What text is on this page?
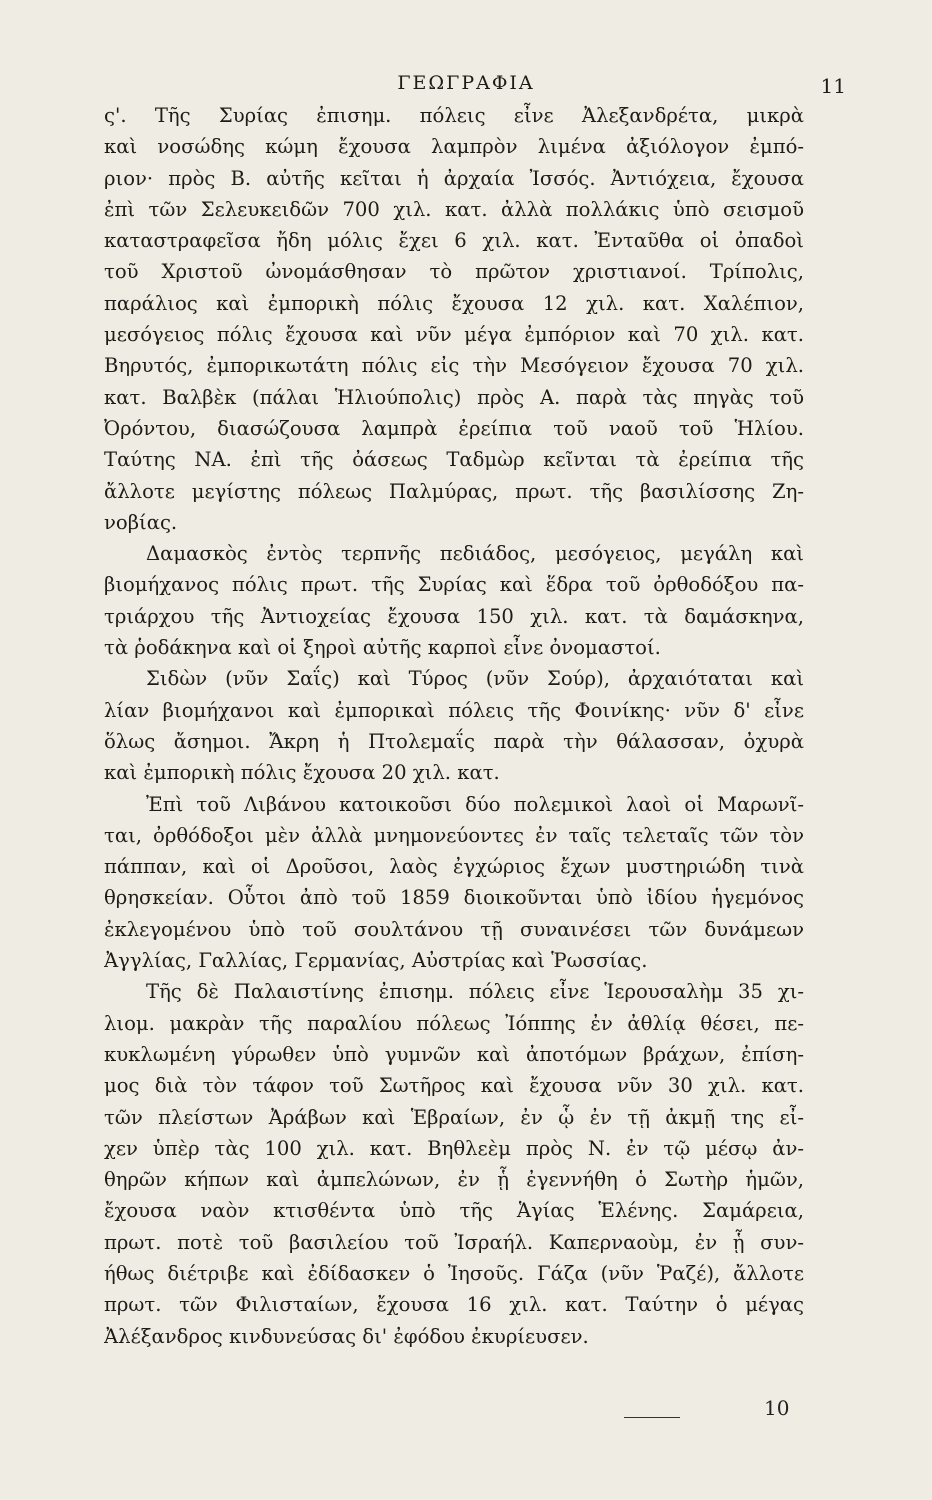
ΓΕΩΓΡΑΦΙΑ	11
ς'. Τῆς Συρίας ἐπισημ. πόλεις εἶνε Ἀλεξανδρέτα, μικρὰ
καὶ νοσώδης κώμη ἔχουσα λαμπρὸν λιμένα ἀξιόλογον ἐμπό-
ριον· πρὸς Β. αὐτῆς κεῖται ἡ ἀρχαία Ἰσσός. Ἀντιόχεια, ἔχουσα
ἐπὶ τῶν Σελευκειδῶν 700 χιλ. κατ. ἀλλὰ πολλάκις ὑπὸ σεισμοῦ
καταστραφεῖσα ἤδη μόλις ἔχει 6 χιλ. κατ. Ἐνταῦθα οἱ ὀπαδοὶ
τοῦ Χριστοῦ ὠνομάσθησαν τὸ πρῶτον χριστιανοί. Τρίπολις,
παράλιος καὶ ἐμπορικὴ πόλις ἔχουσα 12 χιλ. κατ. Χαλέπιον,
μεσόγειος πόλις ἔχουσα καὶ νῦν μέγα ἐμπόριον καὶ 70 χιλ. κατ.
Βηρυτός, ἐμπορικωτάτη πόλις εἰς τὴν Μεσόγειον ἔχουσα 70 χιλ.
κατ. Βαλβὲκ (πάλαι Ἡλιούπολις) πρὸς Α. παρὰ τὰς πηγὰς τοῦ
Ὀρόντου, διασώζουσα λαμπρὰ ἐρείπια τοῦ ναοῦ τοῦ Ἡλίου.
Ταύτης ΝΑ. ἐπὶ τῆς ὀάσεως Ταδμὼρ κεῖνται τὰ ἐρείπια τῆς
ἄλλοτε μεγίστης πόλεως Παλμύρας, πρωτ. τῆς βασιλίσσης Ζη-
νοβίας.
Δαμασκὸς ἐντὸς τερπνῆς πεδιάδος, μεσόγειος, μεγάλη καὶ
βιομήχανος πόλις πρωτ. τῆς Συρίας καὶ ἕδρα τοῦ ὀρθοδόξου πα-
τριάρχου τῆς Ἀντιοχείας ἔχουσα 150 χιλ. κατ. τὰ δαμάσκηνα,
τὰ ῥοδάκηνα καὶ οἱ ξηροὶ αὐτῆς καρποὶ εἶνε ὀνομαστοί.
Σιδὼν (νῦν Σαΐς) καὶ Τύρος (νῦν Σούρ), ἀρχαιόταται καὶ
λίαν βιομήχανοι καὶ ἐμπορικαὶ πόλεις τῆς Φοινίκης· νῦν δ' εἶνε
ὅλως ἄσημοι. Ἄκρη ἡ Πτολεμαΐς παρὰ τὴν θάλασσαν, ὀχυρὰ
καὶ ἐμπορικὴ πόλις ἔχουσα 20 χιλ. κατ.
Ἐπὶ τοῦ Λιβάνου κατοικοῦσι δύο πολεμικοὶ λαοὶ οἱ Μαρωνῖ-
ται, ὀρθόδοξοι μὲν ἀλλὰ μνημονεύοντες ἐν ταῖς τελεταῖς τῶν τὸν
πάππαν, καὶ οἱ Δροῦσοι, λαὸς ἐγχώριος ἔχων μυστηριώδη τινὰ
θρησκείαν. Οὗτοι ἀπὸ τοῦ 1859 διοικοῦνται ὑπὸ ἰδίου ἡγεμόνος
ἐκλεγομένου ὑπὸ τοῦ σουλτάνου τῇ συναινέσει τῶν δυνάμεων
Ἀγγλίας, Γαλλίας, Γερμανίας, Αὐστρίας καὶ Ῥωσσίας.
Τῆς δὲ Παλαιστίνης ἐπισημ. πόλεις εἶνε Ἱερουσαλὴμ 35 χι-
λιομ. μακρὰν τῆς παραλίου πόλεως Ἰόππης ἐν ἀθλίᾳ θέσει, πε-
κυκλωμένη γύρωθεν ὑπὸ γυμνῶν καὶ ἀποτόμων βράχων, ἐπίση-
μος διὰ τὸν τάφον τοῦ Σωτῆρος καὶ ἔχουσα νῦν 30 χιλ. κατ.
τῶν πλείστων Ἀράβων καὶ Ἑβραίων, ἐν ᾧ ἐν τῇ ἀκμῇ της εἶ-
χεν ὑπὲρ τὰς 100 χιλ. κατ. Βηθλεὲμ πρὸς Ν. ἐν τῷ μέσῳ ἀν-
θηρῶν κήπων καὶ ἀμπελώνων, ἐν ᾗ ἐγεννήθη ὁ Σωτὴρ ἡμῶν,
ἔχουσα ναὸν κτισθέντα ὑπὸ τῆς Ἁγίας Ἑλένης. Σαμάρεια,
πρωτ. ποτὲ τοῦ βασιλείου τοῦ Ἰσραήλ. Καπερναοὺμ, ἐν ᾗ συν-
ήθως διέτριβε καὶ ἐδίδασκεν ὁ Ἰησοῦς. Γάζα (νῦν Ῥαζέ), ἄλλοτε
πρωτ. τῶν Φιλισταίων, ἔχουσα 16 χιλ. κατ. Ταύτην ὁ μέγας
Ἀλέξανδρος κινδυνεύσας δι' ἐφόδου ἐκυρίευσεν.
10
